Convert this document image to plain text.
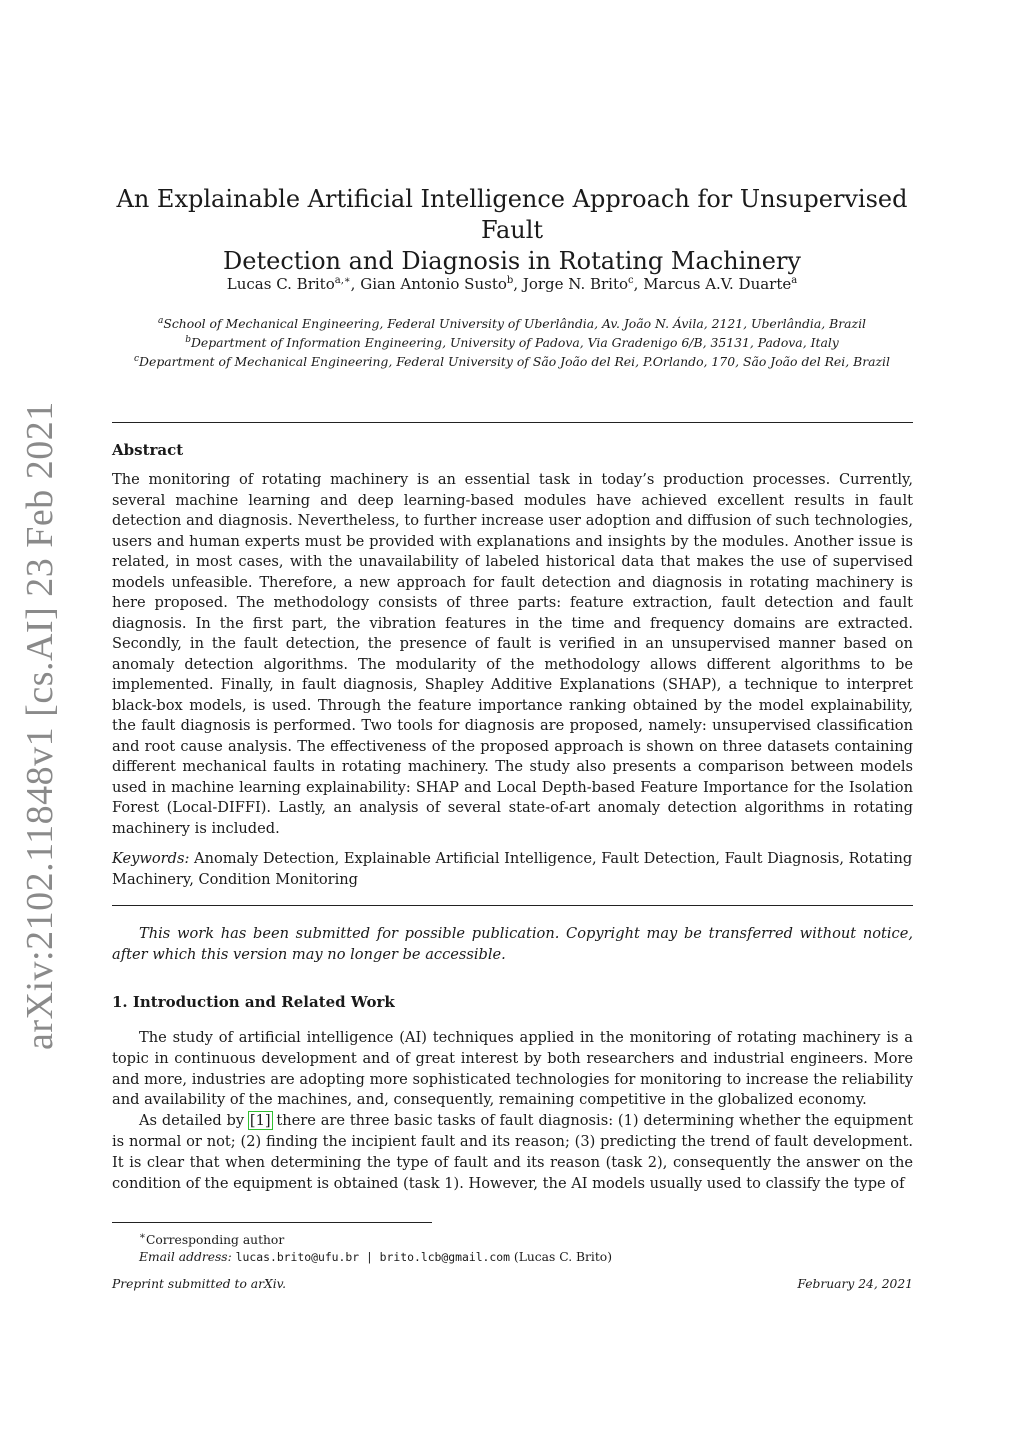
arXiv:2102.11848v1 [cs.AI] 23 Feb 2021
An Explainable Artificial Intelligence Approach for Unsupervised Fault
Detection and Diagnosis in Rotating Machinery
Lucas C. Brito$^{a,∗}$, Gian Antonio Susto$^b$, Jorge N. Brito$^c$, Marcus A.V. Duarte$^a$
$^a$School of Mechanical Engineering, Federal University of Uberlândia, Av. João N. Ávila, 2121, Uberlândia, Brazil
$^b$Department of Information Engineering, University of Padova, Via Gradenigo 6/B, 35131, Padova, Italy
$^c$Department of Mechanical Engineering, Federal University of São João del Rei, P.Orlando, 170, São João del Rei, Brazil
Abstract

The monitoring of rotating machinery is an essential task in today’s production processes. Currently, several machine learning and deep learning-based modules have achieved excellent results in fault detection and diagnosis. Nevertheless, to further increase user adoption and diffusion of such technologies, users and human experts must be provided with explanations and insights by the modules. Another issue is related, in most cases, with the unavailability of labeled historical data that makes the use of supervised models unfeasible. Therefore, a new approach for fault detection and diagnosis in rotating machinery is here proposed. The methodology consists of three parts: feature extraction, fault detection and fault diagnosis. In the first part, the vibration features in the time and frequency domains are extracted. Secondly, in the fault detection, the presence of fault is verified in an unsupervised manner based on anomaly detection algorithms. The modularity of the methodology allows different algorithms to be implemented. Finally, in fault diagnosis, Shapley Additive Explanations (SHAP), a technique to interpret black-box models, is used. Through the feature importance ranking obtained by the model explainability, the fault diagnosis is performed. Two tools for diagnosis are proposed, namely: unsupervised classification and root cause analysis. The effectiveness of the proposed approach is shown on three datasets containing different mechanical faults in rotating machinery. The study also presents a comparison between models used in machine learning explainability: SHAP and Local Depth-based Feature Importance for the Isolation Forest (Local-DIFFI). Lastly, an analysis of several state-of-art anomaly detection algorithms in rotating machinery is included.

Keywords: Anomaly Detection, Explainable Artificial Intelligence, Fault Detection, Fault Diagnosis, Rotating Machinery, Condition Monitoring
This work has been submitted for possible publication. Copyright may be transferred without notice, after which this version may no longer be accessible.
1. Introduction and Related Work

The study of artificial intelligence (AI) techniques applied in the monitoring of rotating machinery is a topic in continuous development and of great interest by both researchers and industrial engineers. More and more, industries are adopting more sophisticated technologies for monitoring to increase the reliability and availability of the machines, and, consequently, remaining competitive in the globalized economy.

As detailed by [1] there are three basic tasks of fault diagnosis: (1) determining whether the equipment is normal or not; (2) finding the incipient fault and its reason; (3) predicting the trend of fault development. It is clear that when determining the type of fault and its reason (task 2), consequently the answer on the condition of the equipment is obtained (task 1). However, the AI models usually used to classify the type of

∗Corresponding author
Email address: lucas.brito@ufu.br | brito.lcb@gmail.com (Lucas C. Brito)
Preprint submitted to arXiv.	February 24, 2021
